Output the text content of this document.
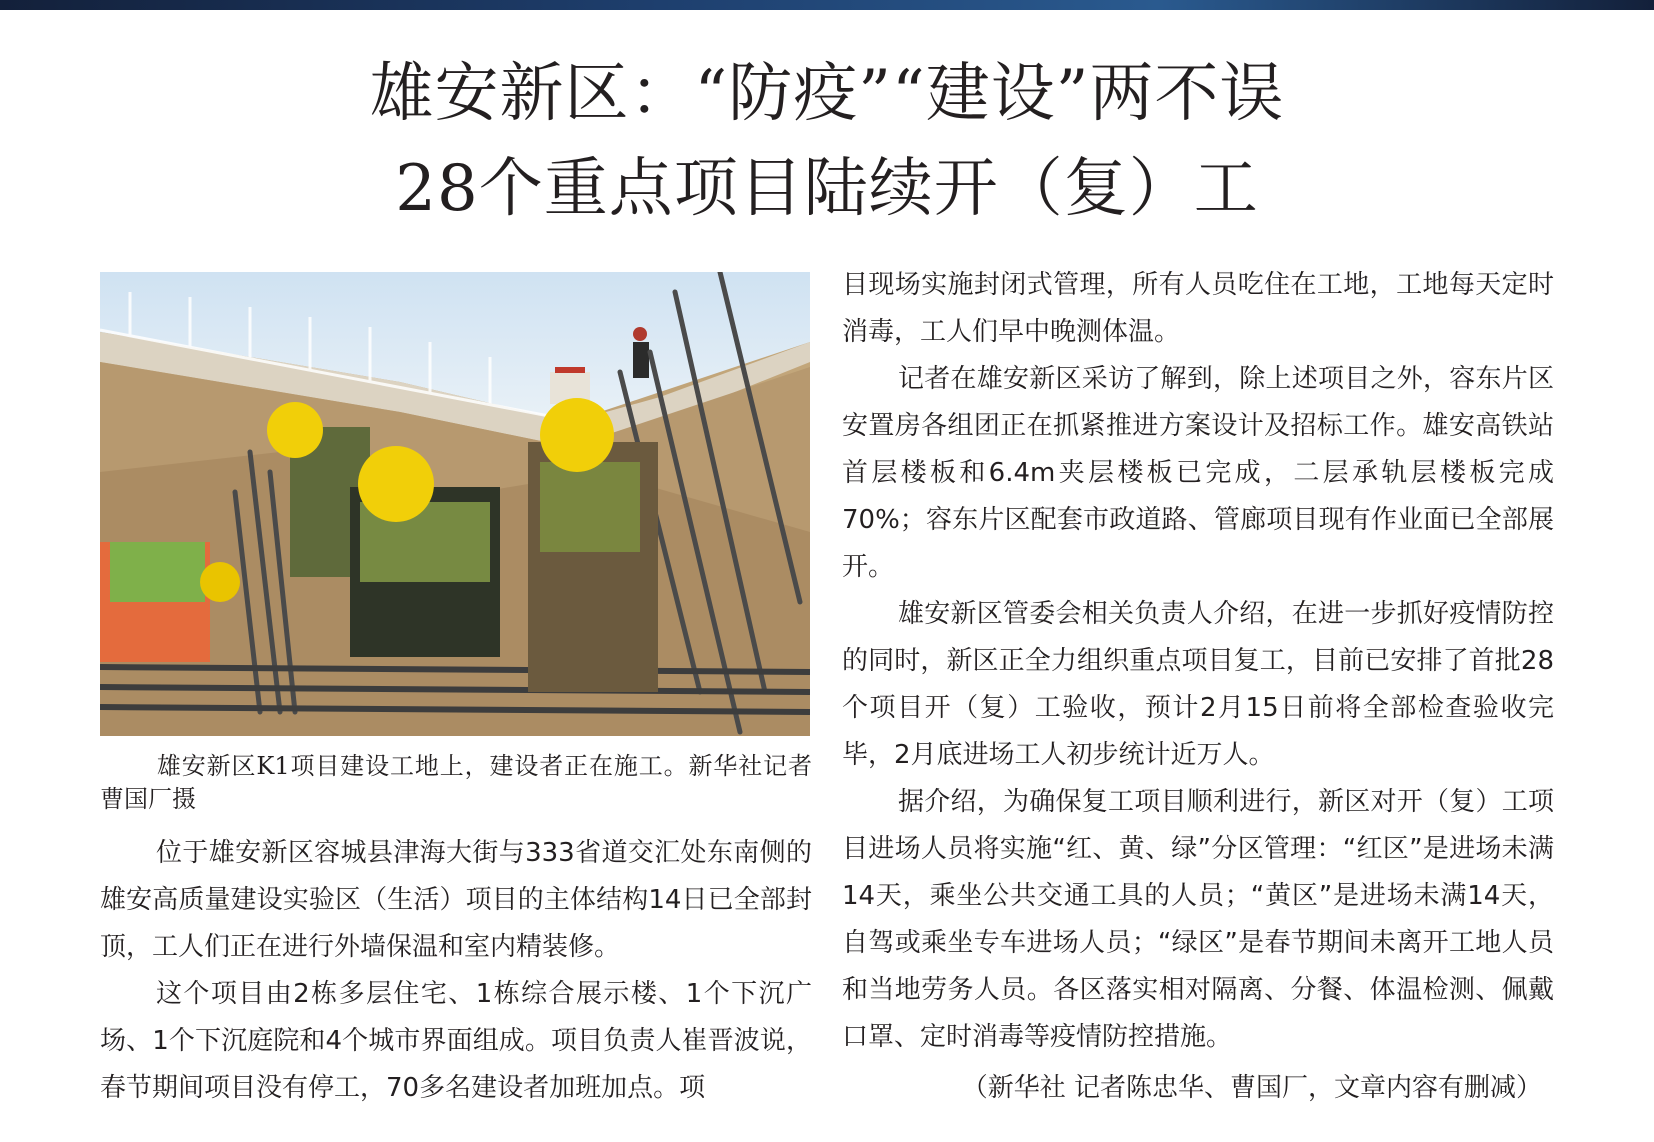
雄安新区：“防疫”“建设”两不误
28个重点项目陆续开（复）工
雄安新区K1项目建设工地上，建设者正在施工。新华社记者曹国厂摄

位于雄安新区容城县津海大街与333省道交汇处东南侧的雄安高质量建设实验区（生活）项目的主体结构14日已全部封顶，工人们正在进行外墙保温和室内精装修。

这个项目由2栋多层住宅、1栋综合展示楼、1个下沉广场、1个下沉庭院和4个城市界面组成。项目负责人崔晋波说，春节期间项目没有停工，70多名建设者加班加点。项

目现场实施封闭式管理，所有人员吃住在工地，工地每天定时消毒，工人们早中晚测体温。

记者在雄安新区采访了解到，除上述项目之外，容东片区安置房各组团正在抓紧推进方案设计及招标工作。雄安高铁站首层楼板和6.4m夹层楼板已完成，二层承轨层楼板完成70%；容东片区配套市政道路、管廊项目现有作业面已全部展开。

雄安新区管委会相关负责人介绍，在进一步抓好疫情防控的同时，新区正全力组织重点项目复工，目前已安排了首批28个项目开（复）工验收，预计2月15日前将全部检查验收完毕，2月底进场工人初步统计近万人。

据介绍，为确保复工项目顺利进行，新区对开（复）工项目进场人员将实施“红、黄、绿”分区管理：“红区”是进场未满14天，乘坐公共交通工具的人员；“黄区”是进场未满14天，自驾或乘坐专车进场人员；“绿区”是春节期间未离开工地人员和当地劳务人员。各区落实相对隔离、分餐、体温检测、佩戴口罩、定时消毒等疫情防控措施。

（新华社 记者陈忠华、曹国厂，文章内容有删减）
